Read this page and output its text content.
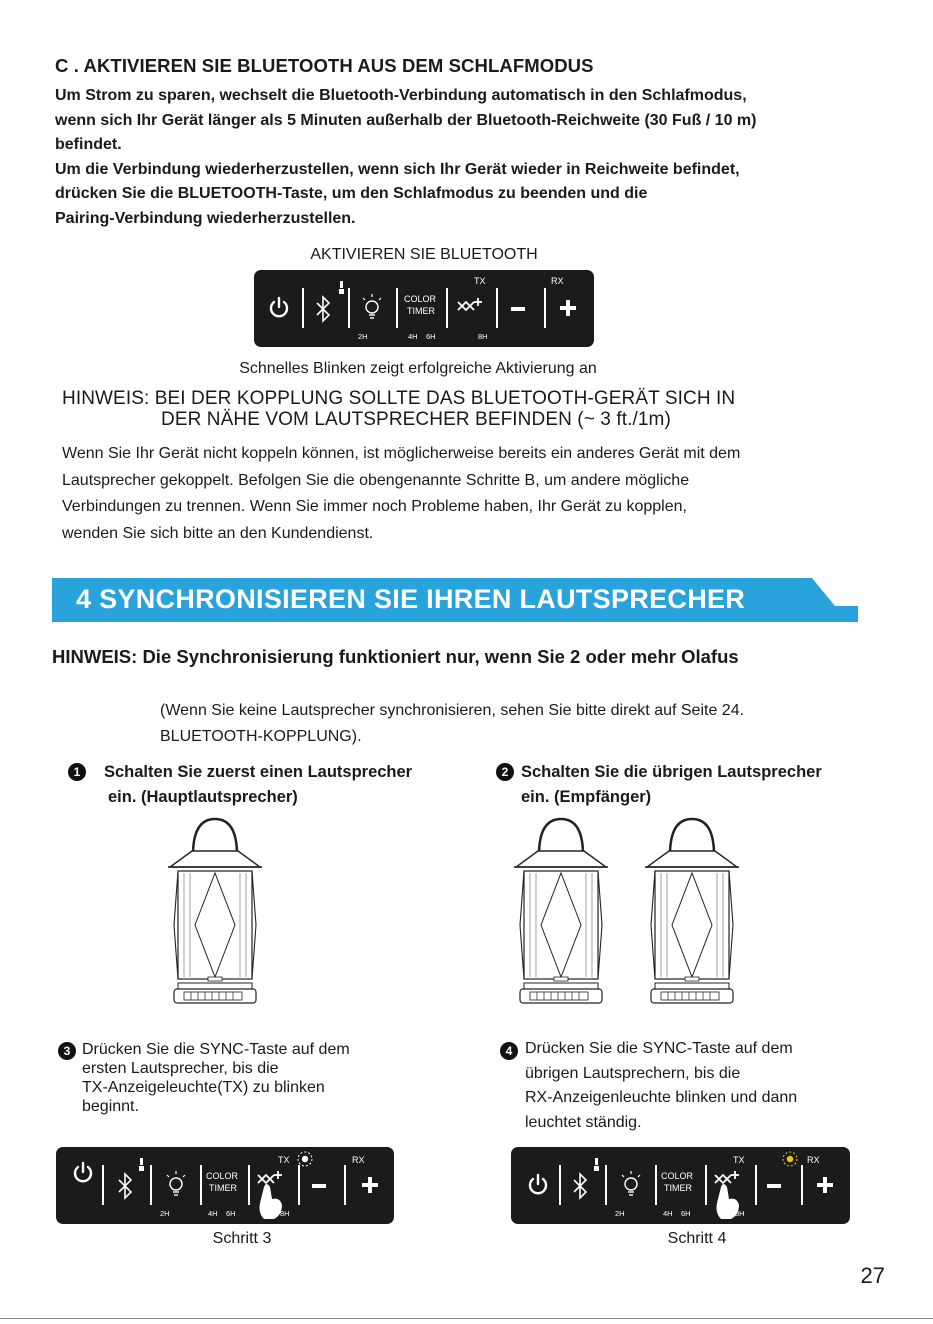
C . AKTIVIEREN SIE BLUETOOTH AUS DEM SCHLAFMODUS
Um Strom zu sparen, wechselt die Bluetooth-Verbindung automatisch in den Schlafmodus,
wenn sich Ihr Gerät länger als 5 Minuten außerhalb der Bluetooth-Reichweite (30 Fuß / 10 m)
befindet.
Um die Verbindung wiederherzustellen, wenn sich Ihr Gerät wieder in Reichweite befindet,
drücken Sie die BLUETOOTH-Taste, um den Schlafmodus zu beenden und die
Pairing-Verbindung wiederherzustellen.
AKTIVIEREN SIE BLUETOOTH
COLOR
TIMER
TX	RX
2H	4H 6H	8H
Schnelles Blinken zeigt erfolgreiche Aktivierung an
HINWEIS: BEI DER KOPPLUNG SOLLTE DAS BLUETOOTH-GERÄT SICH IN
DER NÄHE VOM LAUTSPRECHER BEFINDEN (~ 3 ft./1m)
Wenn Sie Ihr Gerät nicht koppeln können, ist möglicherweise bereits ein anderes Gerät mit dem
Lautsprecher gekoppelt. Befolgen Sie die obengenannte Schritte B, um andere mögliche
Verbindungen zu trennen. Wenn Sie immer noch Probleme haben, Ihr Gerät zu kopplen,
wenden Sie sich bitte an den Kundendienst.
4 SYNCHRONISIEREN SIE IHREN LAUTSPRECHER
HINWEIS: Die Synchronisierung funktioniert nur, wenn Sie 2 oder mehr Olafus
(Wenn Sie keine Lautsprecher synchronisieren, sehen Sie bitte direkt auf Seite 24.
BLUETOOTH-KOPPLUNG).
1	Schalten Sie zuerst einen Lautsprecher
ein. (Hauptlautsprecher)
2 Schalten Sie die übrigen Lautsprecher
ein. (Empfänger)
3 Drücken Sie die SYNC-Taste auf dem
ersten Lautsprecher, bis die
TX-Anzeigeleuchte(TX) zu blinken
beginnt.
4 Drücken Sie die SYNC-Taste auf dem
übrigen Lautsprechern, bis die
RX-Anzeigenleuchte blinken und dann
leuchtet ständig.
COLOR
TIMER
TX	RX
2H	4H 6H	8H
Schritt 3
COLOR
TIMER
TX	RX
2H	4H 6H	8H
Schritt 4
27
